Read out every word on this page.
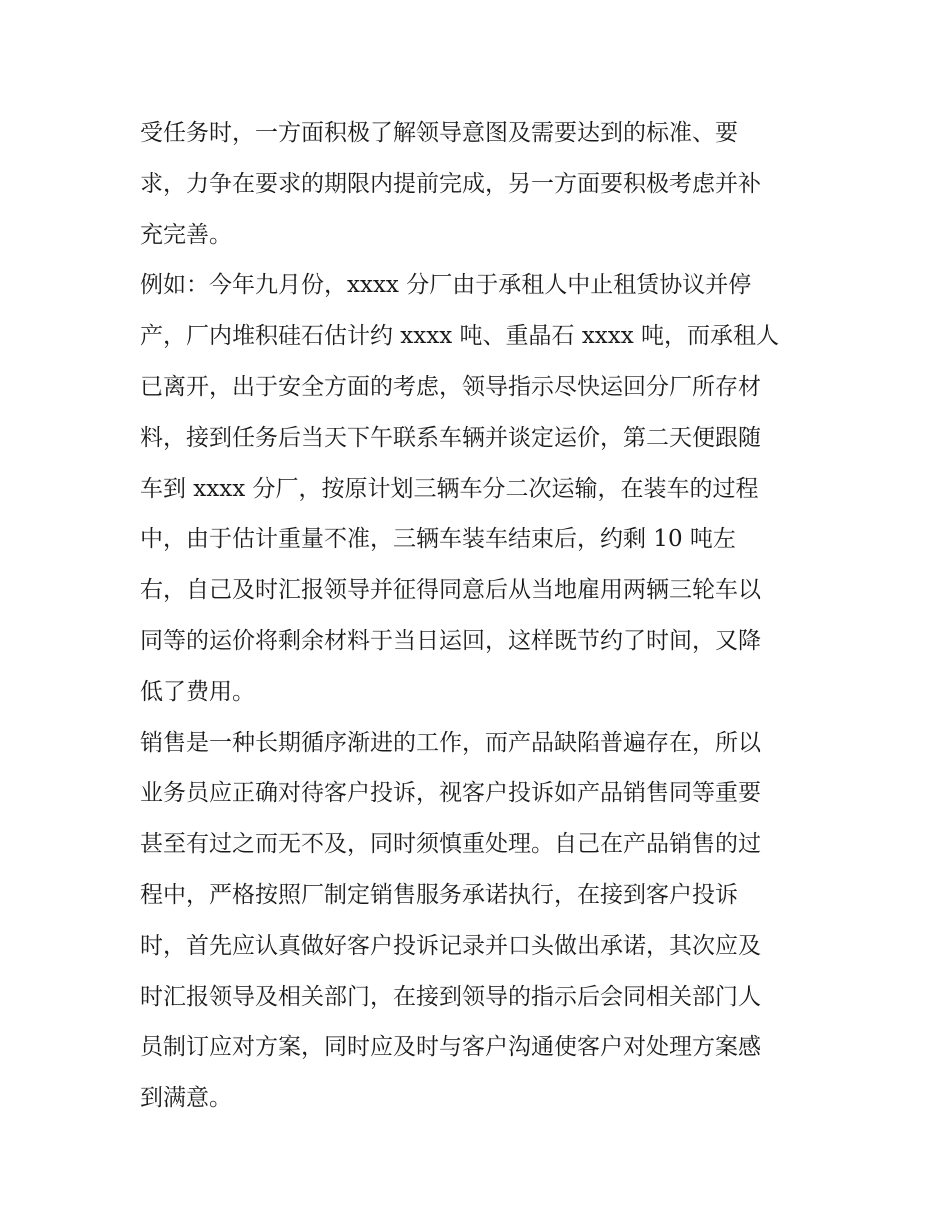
受任务时，一方面积极了解领导意图及需要达到的标准、要
求，力争在要求的期限内提前完成，另一方面要积极考虑并补
充完善。
例如：今年九月份，xxxx 分厂由于承租人中止租赁协议并停
产，厂内堆积硅石估计约 xxxx 吨、重晶石 xxxx 吨，而承租人
已离开，出于安全方面的考虑，领导指示尽快运回分厂所存材
料，接到任务后当天下午联系车辆并谈定运价，第二天便跟随
车到 xxxx 分厂，按原计划三辆车分二次运输，在装车的过程
中，由于估计重量不准，三辆车装车结束后，约剩 10 吨左
右，自己及时汇报领导并征得同意后从当地雇用两辆三轮车以
同等的运价将剩余材料于当日运回，这样既节约了时间，又降
低了费用。
销售是一种长期循序渐进的工作，而产品缺陷普遍存在，所以
业务员应正确对待客户投诉，视客户投诉如产品销售同等重要
甚至有过之而无不及，同时须慎重处理。自己在产品销售的过
程中，严格按照厂制定销售服务承诺执行，在接到客户投诉
时，首先应认真做好客户投诉记录并口头做出承诺，其次应及
时汇报领导及相关部门，在接到领导的指示后会同相关部门人
员制订应对方案，同时应及时与客户沟通使客户对处理方案感
到满意。
